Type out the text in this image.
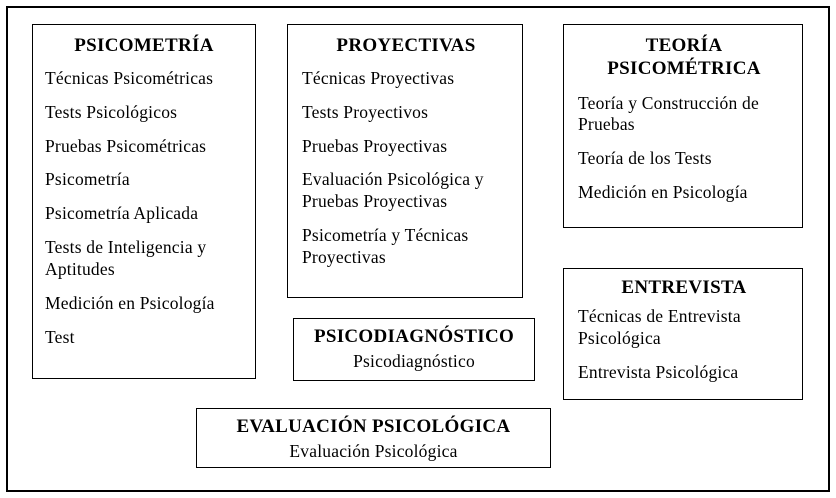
PSICOMETRÍA
Técnicas Psicométricas
Tests Psicológicos
Pruebas Psicométricas
Psicometría
Psicometría Aplicada
Tests de Inteligencia y Aptitudes
Medición en Psicología
Test
PROYECTIVAS
Técnicas Proyectivas
Tests Proyectivos
Pruebas Proyectivas
Evaluación Psicológica y Pruebas Proyectivas
Psicometría y Técnicas Proyectivas
TEORÍA
PSICOMÉTRICA
Teoría y Construcción de Pruebas
Teoría de los Tests
Medición en Psicología
ENTREVISTA
Técnicas de Entrevista Psicológica
Entrevista Psicológica
PSICODIAGNÓSTICO
Psicodiagnóstico
EVALUACIÓN PSICOLÓGICA
Evaluación Psicológica
